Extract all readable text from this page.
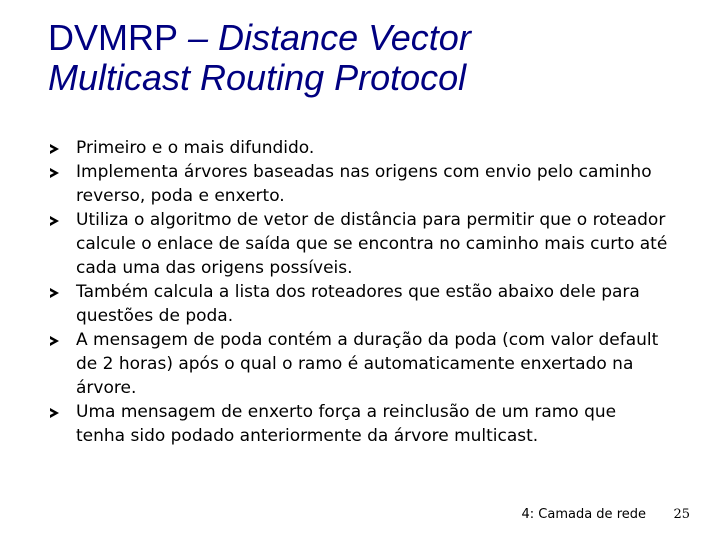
DVMRP – Distance Vector
Multicast Routing Protocol
Primeiro e o mais difundido.
Implementa árvores baseadas nas origens com envio pelo caminho reverso, poda e enxerto.
Utiliza o algoritmo de vetor de distância para permitir que o roteador calcule o enlace de saída que se encontra no caminho mais curto até cada uma das origens possíveis.
Também calcula a lista dos roteadores que estão abaixo dele para questões de poda.
A mensagem de poda contém a duração da poda (com valor default de 2 horas) após o qual o ramo é automaticamente enxertado na árvore.
Uma mensagem de enxerto força a reinclusão de um ramo que tenha sido podado anteriormente da árvore multicast.
4: Camada de rede 25
